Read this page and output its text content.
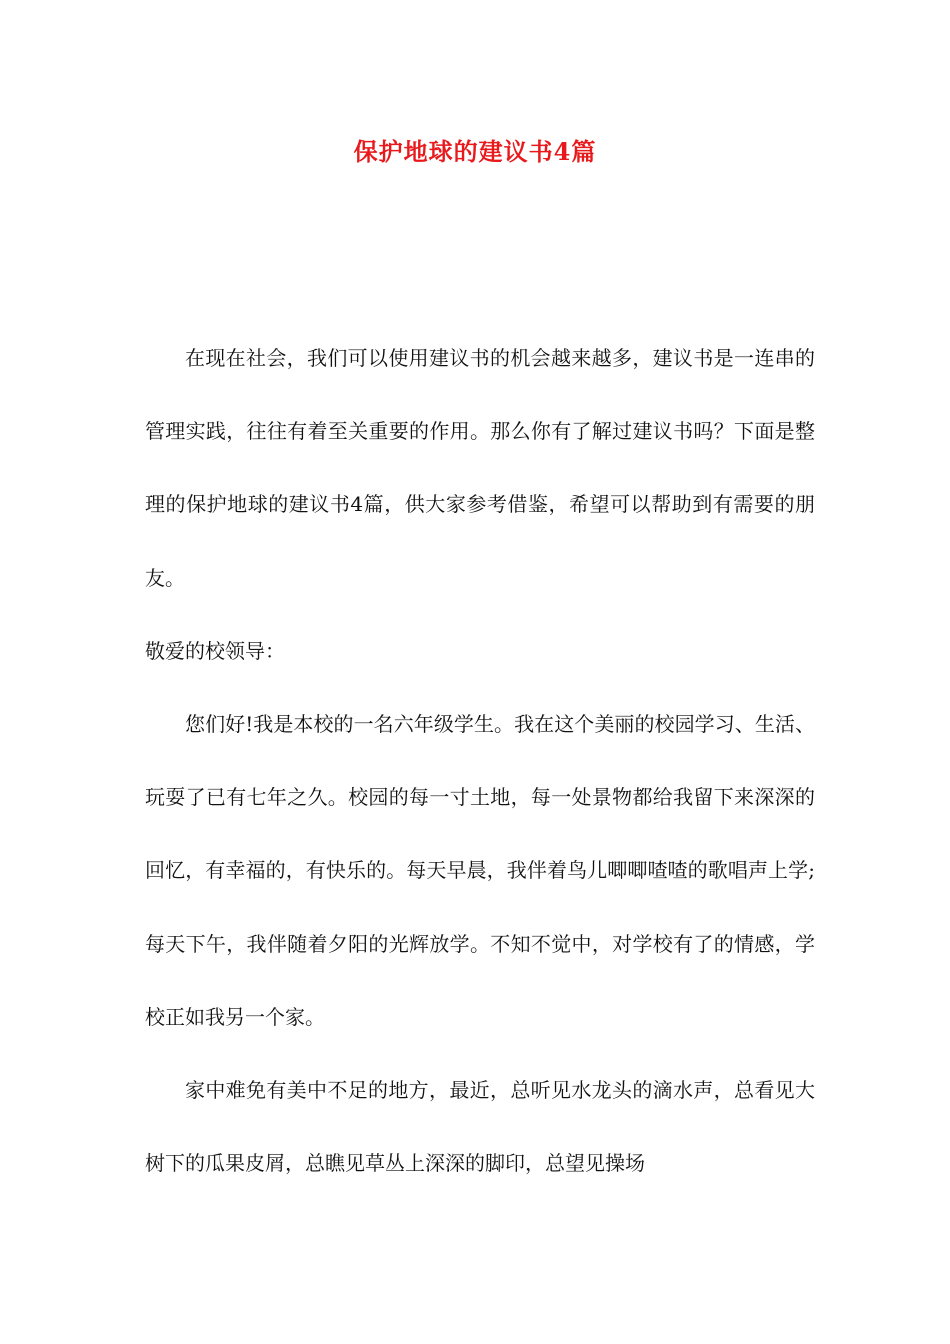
保护地球的建议书4篇

在现在社会，我们可以使用建议书的机会越来越多，建议书是一连串的管理实践，往往有着至关重要的作用。那么你有了解过建议书吗？下面是整理的保护地球的建议书4篇，供大家参考借鉴，希望可以帮助到有需要的朋友。

敬爱的校领导：

您们好!我是本校的一名六年级学生。我在这个美丽的校园学习、生活、玩耍了已有七年之久。校园的每一寸土地，每一处景物都给我留下来深深的回忆，有幸福的，有快乐的。每天早晨，我伴着鸟儿唧唧喳喳的歌唱声上学;每天下午，我伴随着夕阳的光辉放学。不知不觉中，对学校有了的情感，学校正如我另一个家。

家中难免有美中不足的地方，最近，总听见水龙头的滴水声，总看见大树下的瓜果皮屑，总瞧见草丛上深深的脚印，总望见操场
